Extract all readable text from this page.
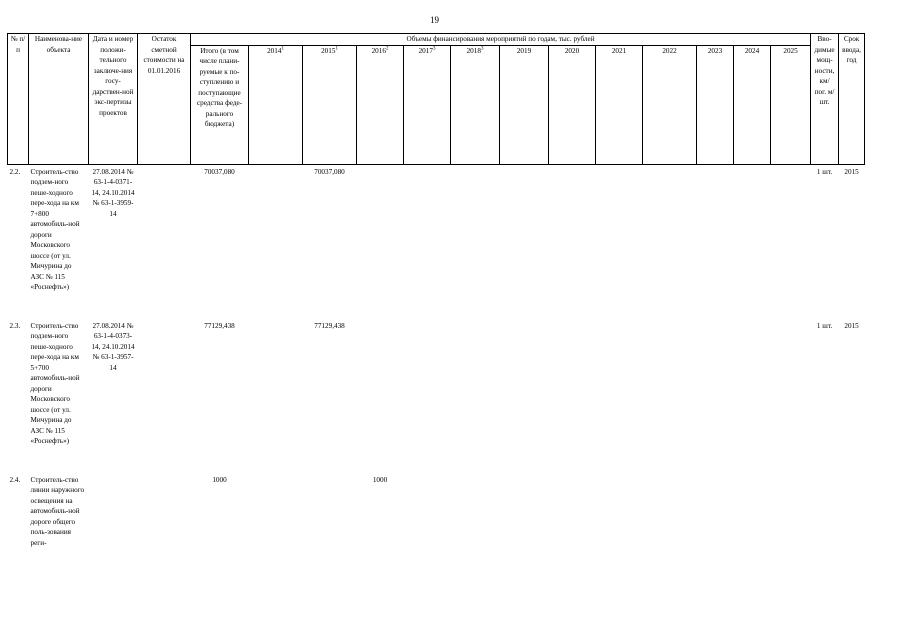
19
№ п/п	Наименова-ние объекта	Дата и номер положи-тельного заключе-ния госу-дарствен-ной экс-пертизы проектов	Остаток сметной стоимости на 01.01.2016	Объемы финансирования мероприятий по годам, тыс. рублей													Вво-димые мощ-ности, км/ пог. м/шт.	Срок ввода, год
				Итого (в том числе плани-руемые к по-ступлению и поступающие средства феде-рального бюджета)	2014$^1$	2015$^1$	2016$^2$	2017$^3$	2018$^3$	2019	2020	2021	2022	2023	2024	2025		

2.2.	Строитель-ство подзем-ного пеше-ходного пере-хода на км 7+800 автомобиль-ной дороги Московского шоссе (от ул. Мичурина до АЗС № 115 «Роснефть»)	27.08.2014 № 63-1-4-0371-14, 24.10.2014 № 63-1-3959-14		70037,080		70037,080											1 шт.	2015
2.3.	Строитель-ство подзем-ного пеше-ходного пере-хода на км 5+700 автомобиль-ной дороги Московского шоссе (от ул. Мичурина до АЗС № 115 «Роснефть»)	27.08.2014 № 63-1-4-0373-14, 24.10.2014 № 63-1-3957-14		77129,438		77129,438											1 шт.	2015
2.4.	Строитель-ство линии наружного освещения на автомобиль-ной дороге общего поль-зования реги-			1000			1000											
